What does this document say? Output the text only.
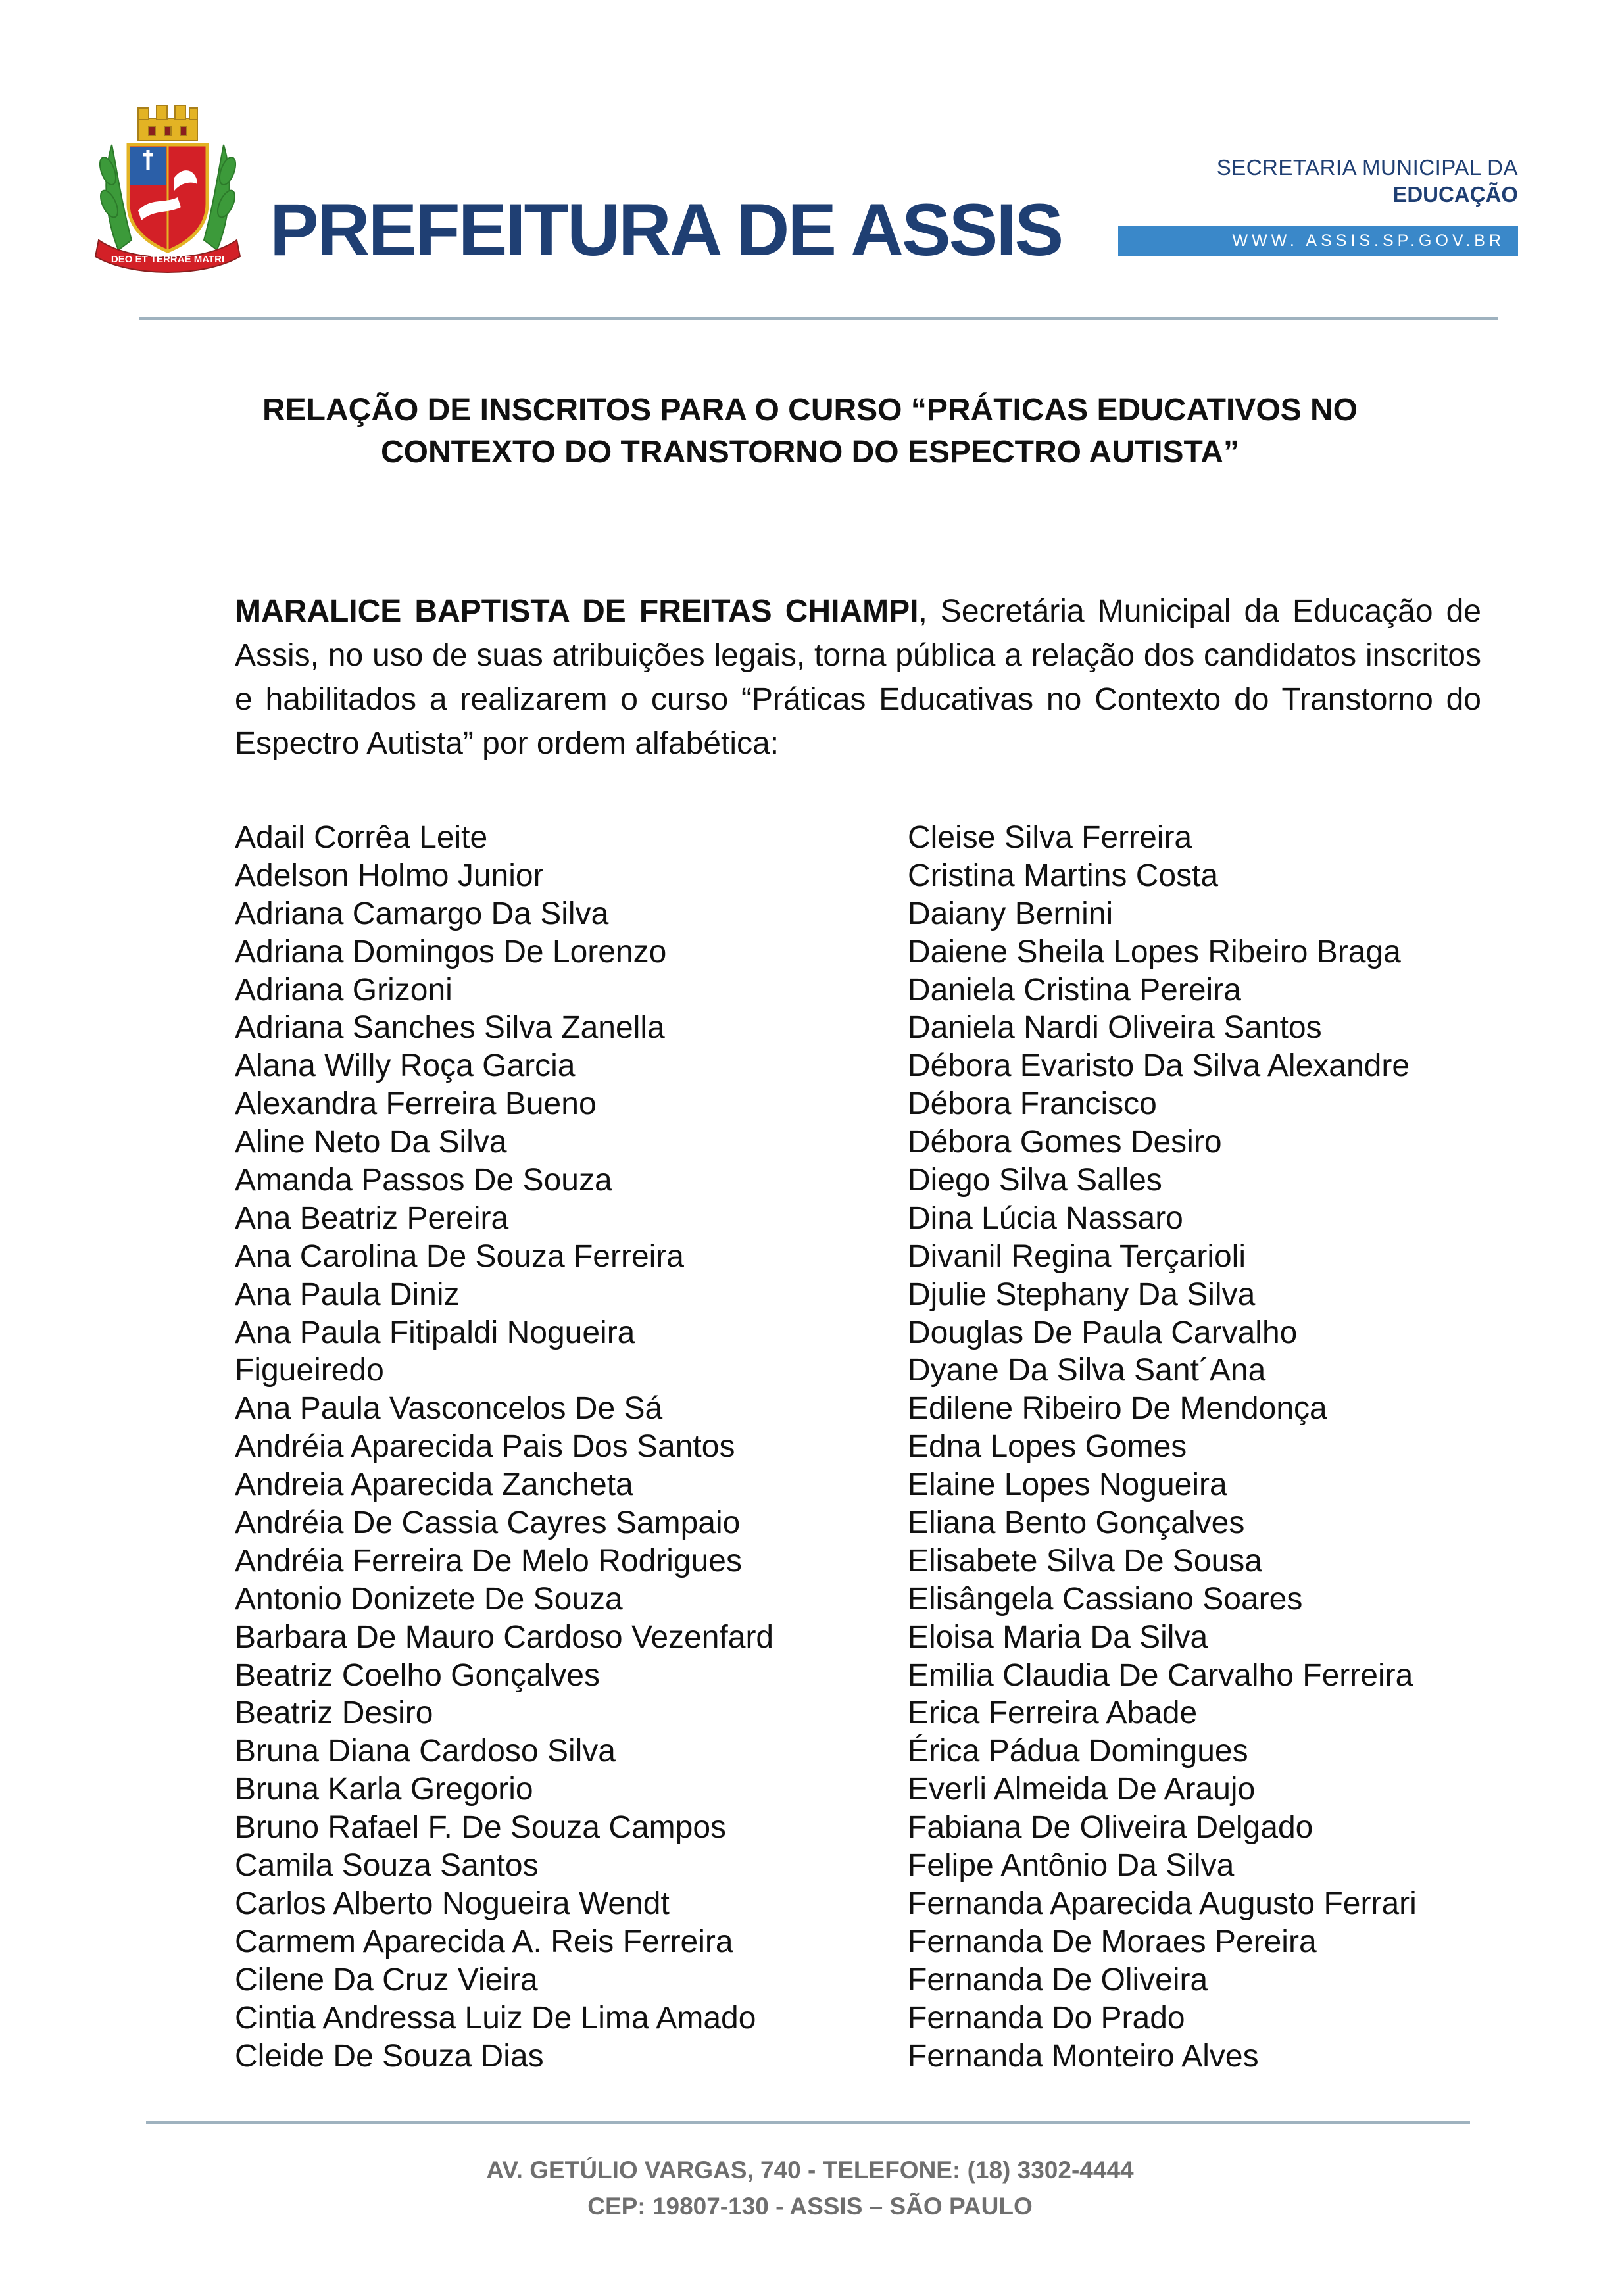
DEO ET TERRAE MATRI PREFEITURA DE ASSIS
SECRETARIA MUNICIPAL DA
EDUCAÇÃO
WWW. ASSIS.SP.GOV.BR
RELAÇÃO DE INSCRITOS PARA O CURSO “PRÁTICAS EDUCATIVOS NO
CONTEXTO DO TRANSTORNO DO ESPECTRO AUTISTA”

MARALICE BAPTISTA DE FREITAS CHIAMPI, Secretária Municipal da Educação de Assis, no uso de suas atribuições legais, torna pública a relação dos candidatos inscritos e habilitados a realizarem o curso “Práticas Educativas no Contexto do Transtorno do Espectro Autista” por ordem alfabética:

Adail Corrêa Leite
Adelson Holmo Junior
Adriana Camargo Da Silva
Adriana Domingos De Lorenzo
Adriana Grizoni
Adriana Sanches Silva Zanella
Alana Willy Roça Garcia
Alexandra Ferreira Bueno
Aline Neto Da Silva
Amanda Passos De Souza
Ana Beatriz Pereira
Ana Carolina De Souza Ferreira
Ana Paula Diniz
Ana Paula Fitipaldi Nogueira
Figueiredo
Ana Paula Vasconcelos De Sá
Andréia Aparecida Pais Dos Santos
Andreia Aparecida Zancheta
Andréia De Cassia Cayres Sampaio
Andréia Ferreira De Melo Rodrigues
Antonio Donizete De Souza
Barbara De Mauro Cardoso Vezenfard
Beatriz Coelho Gonçalves
Beatriz Desiro
Bruna Diana Cardoso Silva
Bruna Karla Gregorio
Bruno Rafael F. De Souza Campos
Camila Souza Santos
Carlos Alberto Nogueira Wendt
Carmem Aparecida A. Reis Ferreira
Cilene Da Cruz Vieira
Cintia Andressa Luiz De Lima Amado
Cleide De Souza Dias
Cleise Silva Ferreira
Cristina Martins Costa
Daiany Bernini
Daiene Sheila Lopes Ribeiro Braga
Daniela Cristina Pereira
Daniela Nardi Oliveira Santos
Débora Evaristo Da Silva Alexandre
Débora Francisco
Débora Gomes Desiro
Diego Silva Salles
Dina Lúcia Nassaro
Divanil Regina Terçarioli
Djulie Stephany Da Silva
Douglas De Paula Carvalho
Dyane Da Silva Sant´Ana
Edilene Ribeiro De Mendonça
Edna Lopes Gomes
Elaine Lopes Nogueira
Eliana Bento Gonçalves
Elisabete Silva De Sousa
Elisângela Cassiano Soares
Eloisa Maria Da Silva
Emilia Claudia De Carvalho Ferreira
Erica Ferreira Abade
Érica Pádua Domingues
Everli Almeida De Araujo
Fabiana De Oliveira Delgado
Felipe Antônio Da Silva
Fernanda Aparecida Augusto Ferrari
Fernanda De Moraes Pereira
Fernanda De Oliveira
Fernanda Do Prado
Fernanda Monteiro Alves
AV. GETÚLIO VARGAS, 740 - TELEFONE: (18) 3302-4444
CEP: 19807-130 - ASSIS – SÃO PAULO
